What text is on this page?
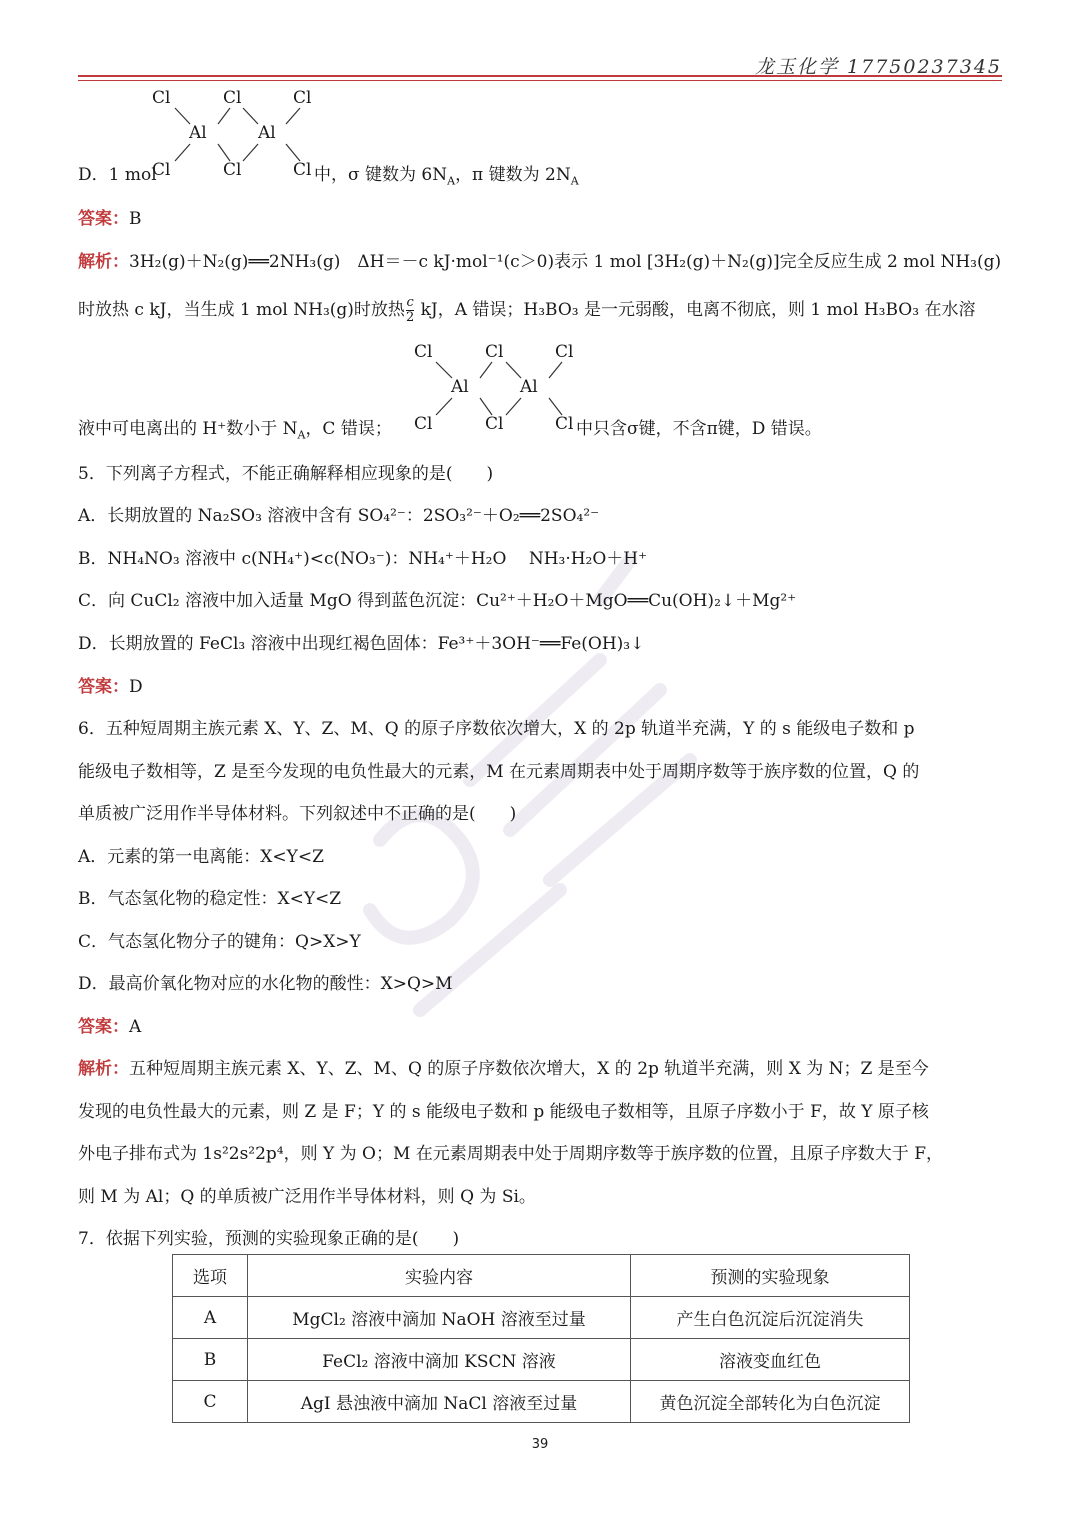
龙玉化学 17750237345
Cl	Cl	Cl
Al	Al
D．1 mol
Cl	Cl	Cl 中，σ 键数为 $6N_A$，π 键数为 $2N_A$
答案：B
解析：3H₂(g)＋N₂(g)══2NH₃(g)　ΔH＝－c kJ·mol⁻¹(c＞0)表示 1 mol [3H₂(g)＋N₂(g)]完全反应生成 2 mol NH₃(g)
时放热 c kJ，当生成 1 mol NH₃(g)时放热 $\frac{c}{2}$ kJ，A 错误；H₃BO₃ 是一元弱酸，电离不彻底，则 1 mol H₃BO₃ 在水溶
Cl	Cl	Cl
Al	Al
Cl	Cl	Cl
液中可电离出的 H⁺数小于 $N_A$，C 错误；	中只含σ键，不含π键，D 错误。
5．下列离子方程式，不能正确解释相应现象的是(　　)
A．长期放置的 Na₂SO₃ 溶液中含有 SO₄²⁻：2SO₃²⁻＋O₂══2SO₄²⁻
B．NH₄NO₃ 溶液中 c(NH₄⁺)<c(NO₃⁻)：NH₄⁺＋H₂O　 NH₃·H₂O＋H⁺
C．向 CuCl₂ 溶液中加入适量 MgO 得到蓝色沉淀：Cu²⁺＋H₂O＋MgO══Cu(OH)₂↓＋Mg²⁺
D．长期放置的 FeCl₃ 溶液中出现红褐色固体：Fe³⁺＋3OH⁻══Fe(OH)₃↓
答案：D
6．五种短周期主族元素 X、Y、Z、M、Q 的原子序数依次增大，X 的 2p 轨道半充满，Y 的 s 能级电子数和 p
能级电子数相等，Z 是至今发现的电负性最大的元素，M 在元素周期表中处于周期序数等于族序数的位置，Q 的
单质被广泛用作半导体材料。下列叙述中不正确的是(　　)
A．元素的第一电离能：X<Y<Z
B．气态氢化物的稳定性：X<Y<Z
C．气态氢化物分子的键角：Q>X>Y
D．最高价氧化物对应的水化物的酸性：X>Q>M
答案：A
解析：五种短周期主族元素 X、Y、Z、M、Q 的原子序数依次增大，X 的 2p 轨道半充满，则 X 为 N；Z 是至今
发现的电负性最大的元素，则 Z 是 F；Y 的 s 能级电子数和 p 能级电子数相等，且原子序数小于 F，故 Y 原子核
外电子排布式为 1s²2s²2p⁴，则 Y 为 O；M 在元素周期表中处于周期序数等于族序数的位置，且原子序数大于 F，
则 M 为 Al；Q 的单质被广泛用作半导体材料，则 Q 为 Si。
7．依据下列实验，预测的实验现象正确的是(　　)
选项	实验内容	预测的实验现象
A	MgCl₂ 溶液中滴加 NaOH 溶液至过量	产生白色沉淀后沉淀消失
B	FeCl₂ 溶液中滴加 KSCN 溶液	溶液变血红色
C	AgI 悬浊液中滴加 NaCl 溶液至过量	黄色沉淀全部转化为白色沉淀
39
